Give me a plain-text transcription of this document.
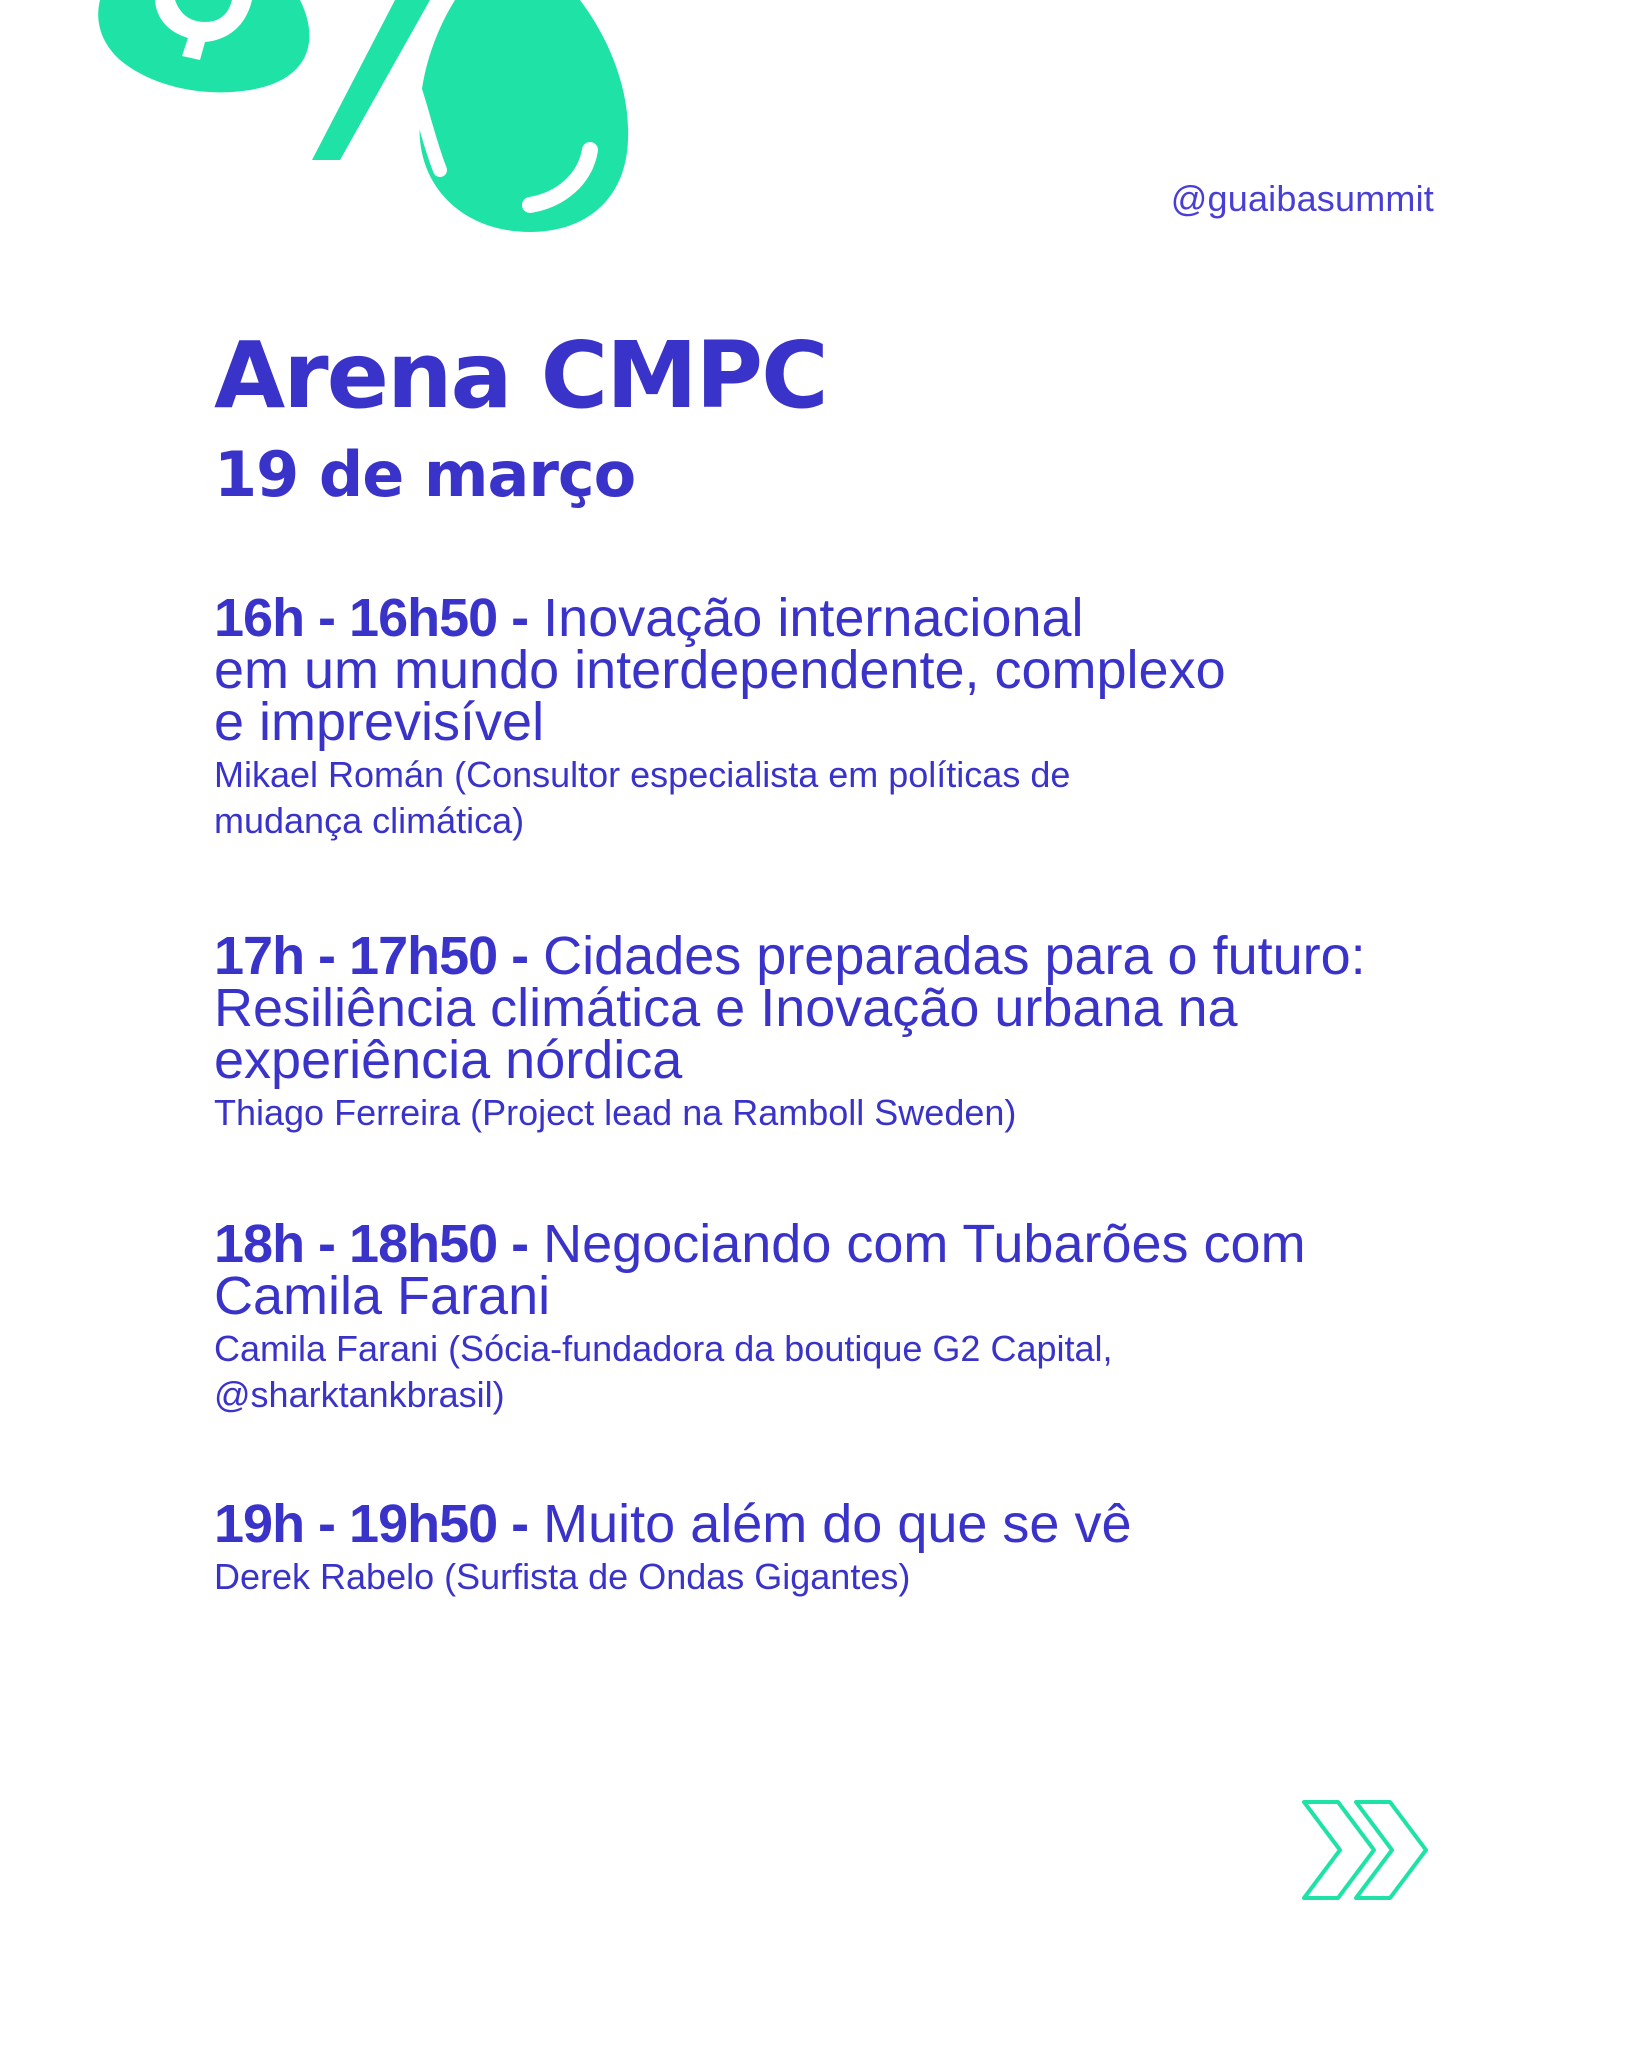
@guaibasummit
Arena CMPC
19 de março

16h - 16h50 - Inovação internacional
em um mundo interdependente, complexo
e imprevisível

Mikael Román (Consultor especialista em políticas de
mudança climática)

17h - 17h50 - Cidades preparadas para o futuro:
Resiliência climática e Inovação urbana na
experiência nórdica

Thiago Ferreira (Project lead na Ramboll Sweden)

18h - 18h50 - Negociando com Tubarões com
Camila Farani

Camila Farani (Sócia-fundadora da boutique G2 Capital,
@sharktankbrasil)

19h - 19h50 - Muito além do que se vê

Derek Rabelo (Surfista de Ondas Gigantes)
